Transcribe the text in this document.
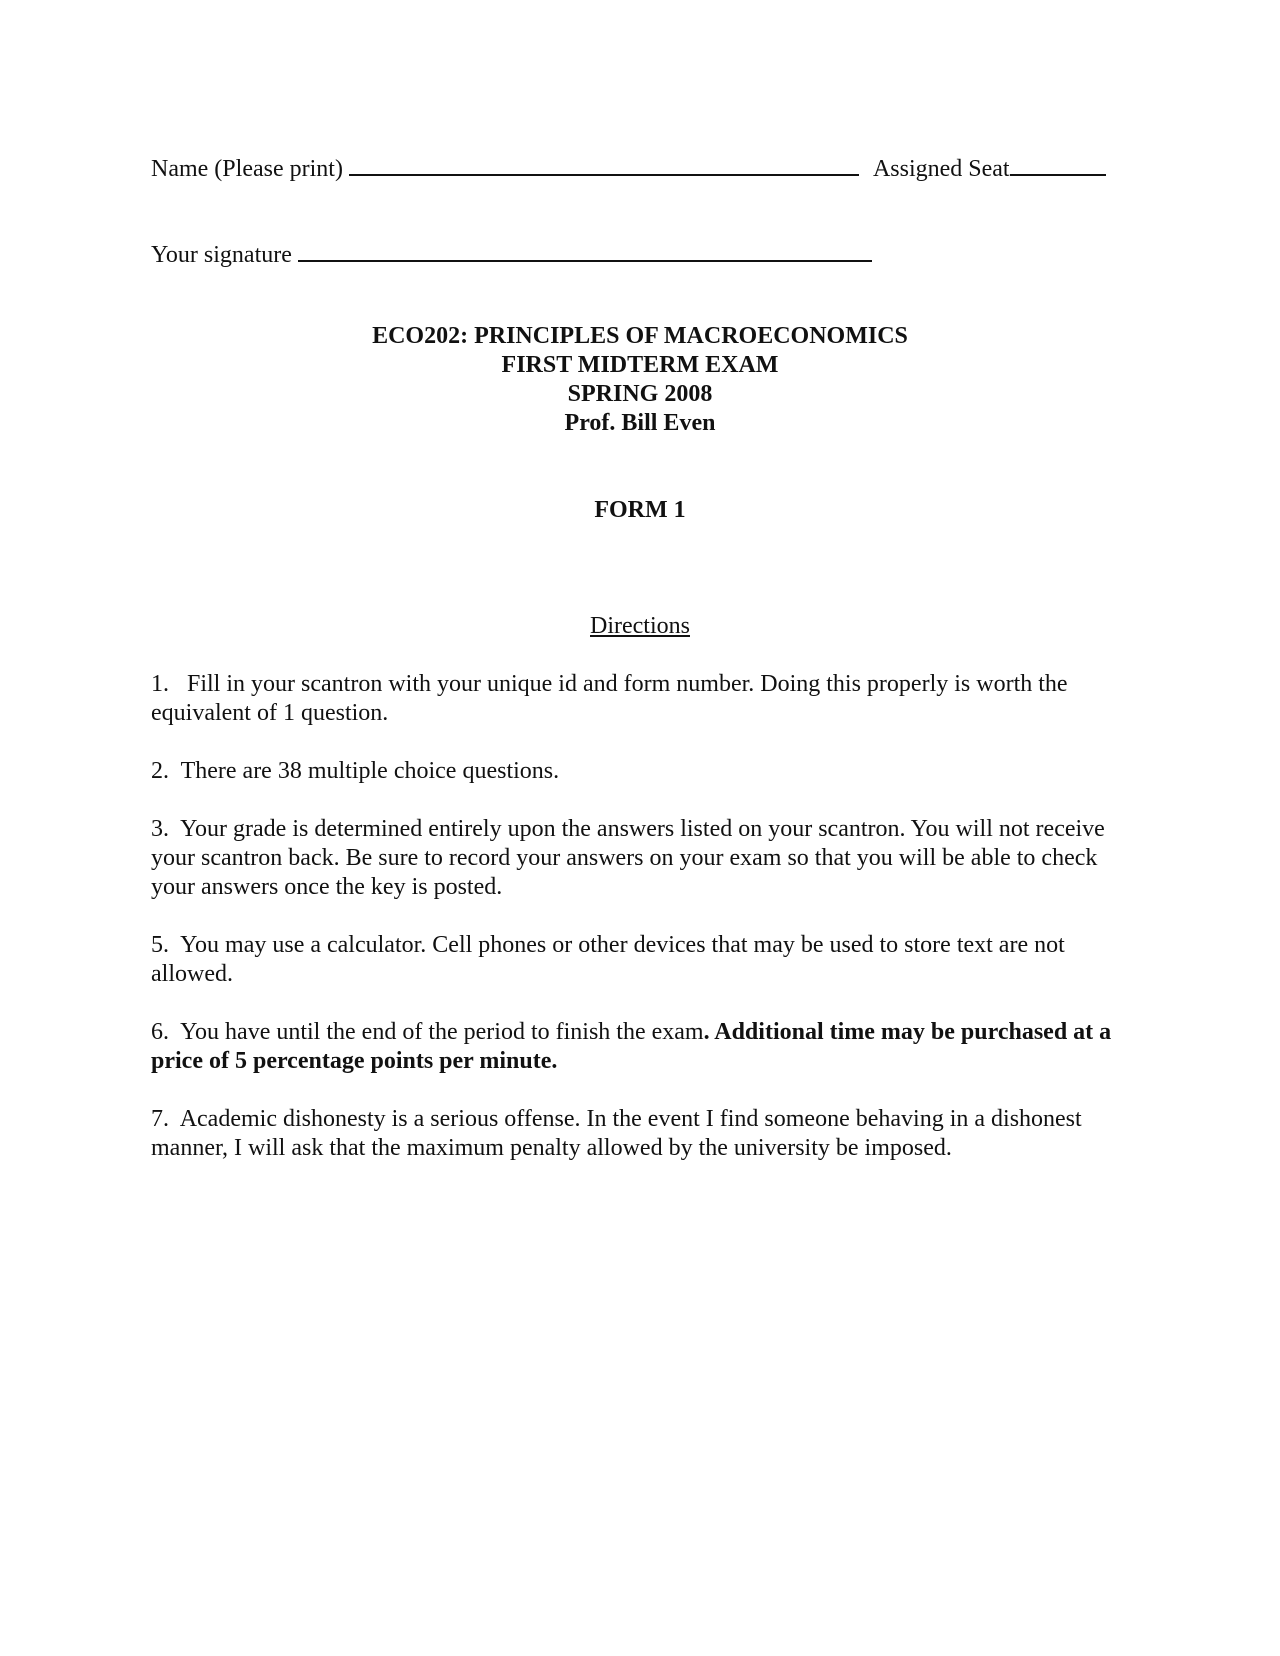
Name (Please print)	Assigned Seat
Your signature
ECO202: PRINCIPLES OF MACROECONOMICS
FIRST MIDTERM EXAM
SPRING 2008
Prof. Bill Even
FORM 1
Directions

1. Fill in your scantron with your unique id and form number. Doing this properly is worth the equivalent of 1 question.

2. There are 38 multiple choice questions.

3. Your grade is determined entirely upon the answers listed on your scantron. You will not receive your scantron back. Be sure to record your answers on your exam so that you will be able to check your answers once the key is posted.

5. You may use a calculator. Cell phones or other devices that may be used to store text are not allowed.

6. You have until the end of the period to finish the exam. Additional time may be purchased at a price of 5 percentage points per minute.

7. Academic dishonesty is a serious offense. In the event I find someone behaving in a dishonest manner, I will ask that the maximum penalty allowed by the university be imposed.
